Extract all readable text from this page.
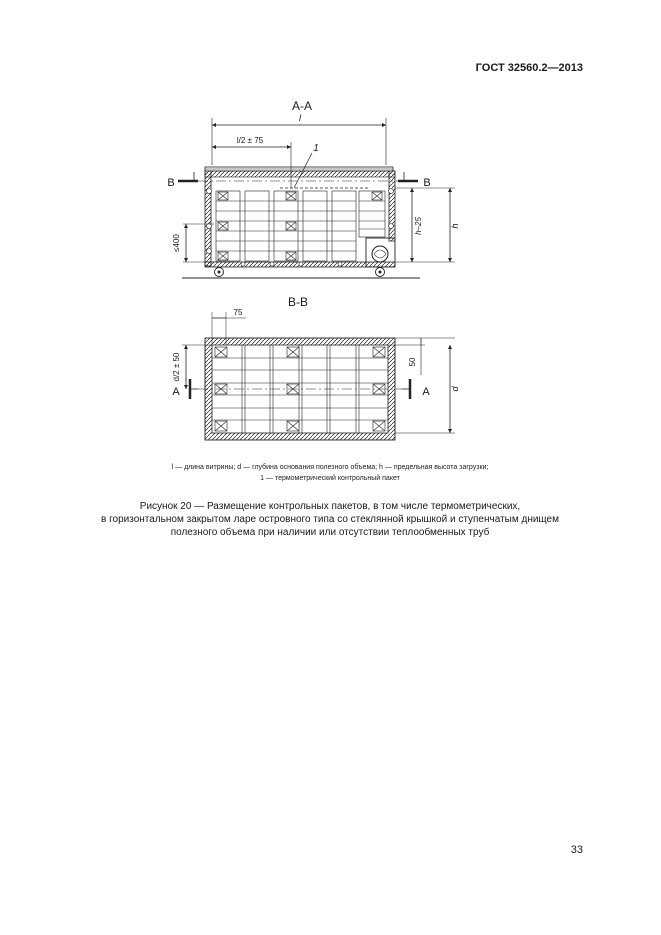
ГОСТ 32560.2—2013
А-А
l
l/2 ± 75
1
В	В
≤400
h–25	h
В-В
75
А	А
d/2 ± 50	50
d
l — длина витрины; d — глубина основания полезного объема; h — предельная высота загрузки;
1 — термометрический контрольный пакет
Рисунок 20 — Размещение контрольных пакетов, в том числе термометрических,
в горизонтальном закрытом ларе островного типа со стеклянной крышкой и ступенчатым днищем
полезного объема при наличии или отсутствии теплообменных труб
33
